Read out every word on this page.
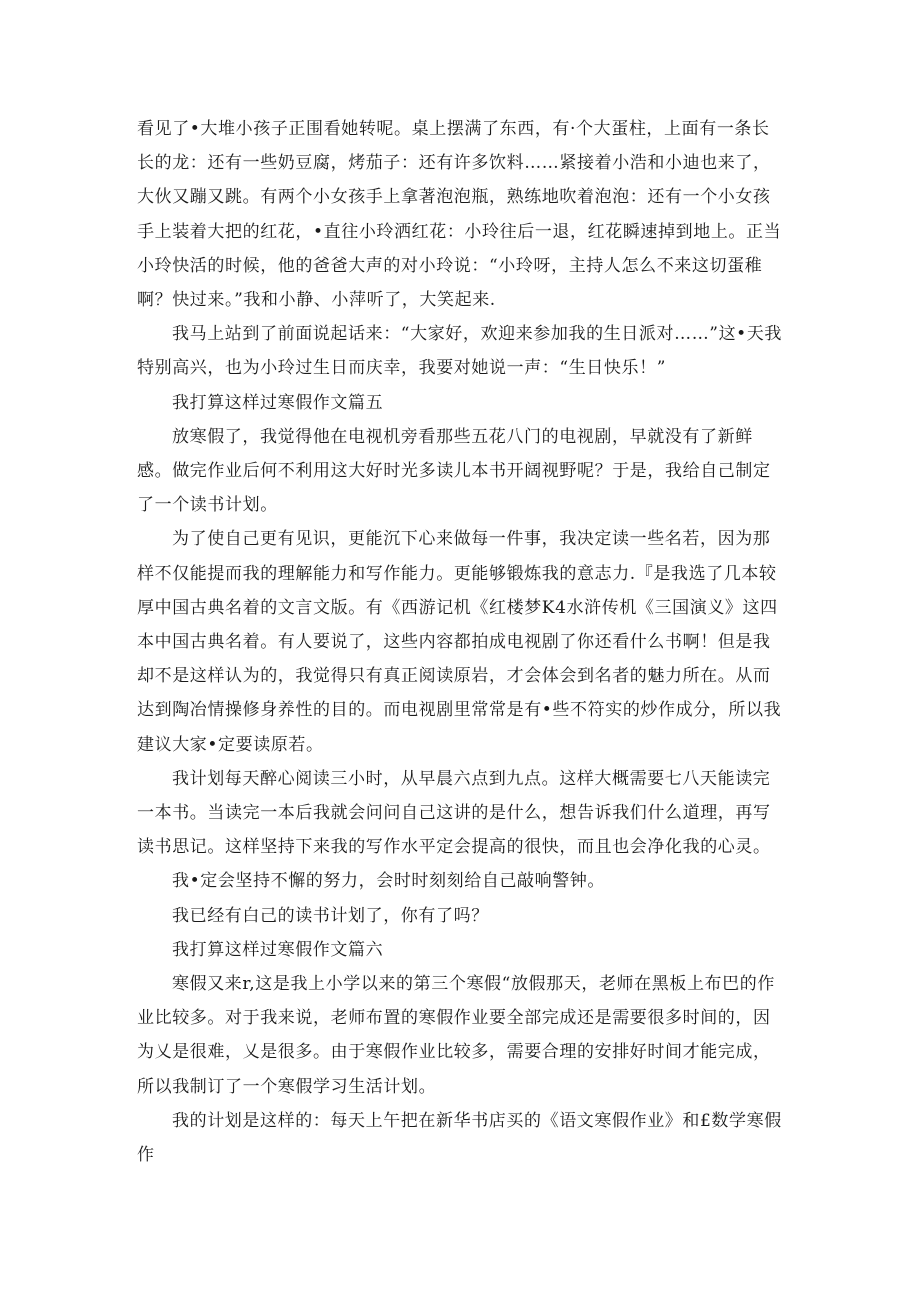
看见了•大堆小孩子正围看她转呢。桌上摆满了东西，有·个大蛋柱，上面有一条长长的龙：还有一些奶豆腐，烤茄子：还有许多饮料……紧接着小浩和小迪也来了，大伙又蹦又跳。有两个小女孩手上拿著泡泡瓶，熟练地吹着泡泡：还有一个小女孩手上装着大把的红花，•直往小玲洒红花：小玲往后一退，红花瞬速掉到地上。正当小玲快活的时候，他的爸爸大声的对小玲说：“小玲呀，主持人怎么不来这切蛋稚啊？快过来。”我和小静、小萍听了，大笑起来.

我马上站到了前面说起话来：“大家好，欢迎来参加我的生日派对……”这•天我特别高兴，也为小玲过生日而庆幸，我要对她说一声：“生日快乐！”

我打算这样过寒假作文篇五

放寒假了，我觉得他在电视机旁看那些五花八门的电视剧，早就没有了新鲜感。做完作业后何不利用这大好时光多读儿本书开阔视野呢？于是，我给自己制定了一个读书计划。

为了使自己更有见识，更能沉下心来做每一件事，我决定读一些名若，因为那样不仅能提而我的理解能力和写作能力。更能够锻炼我的意志力.『是我选了几本较厚中国古典名着的文言文版。有《西游记机《红楼梦K4水浒传机《三国演义》这四本中国古典名着。有人要说了，这些内容都拍成电视剧了你还看什么书啊！但是我却不是这样认为的，我觉得只有真正阅读原岩，才会体会到名者的魅力所在。从而达到陶冶情操修身养性的目的。而电视剧里常常是有•些不符实的炒作成分，所以我建议大家•定要读原若。

我计划每天醉心阅读三小时，从早晨六点到九点。这样大概需要七八天能读完一本书。当读完一本后我就会问问自己这讲的是什么，想告诉我们什么道理，再写读书思记。这样坚持下来我的写作水平定会提高的很快，而且也会净化我的心灵。

我•定会坚持不懈的努力，会时时刻刻给自己敲响警钟。

我已经有白己的读书计划了，你有了吗？

我打算这样过寒假作文篇六

寒假又来r,这是我上小学以来的第三个寒假“放假那天，老师在黑板上布巴的作业比较多。对于我来说，老师布置的寒假作业要全部完成还是需要很多时间的，因为乂是很难，乂是很多。由于寒假作业比较多，需要合理的安排好时间才能完成，所以我制订了一个寒假学习生活计划。

我的计划是这样的：每天上午把在新华书店买的《语文寒假作业》和£数学寒假作
